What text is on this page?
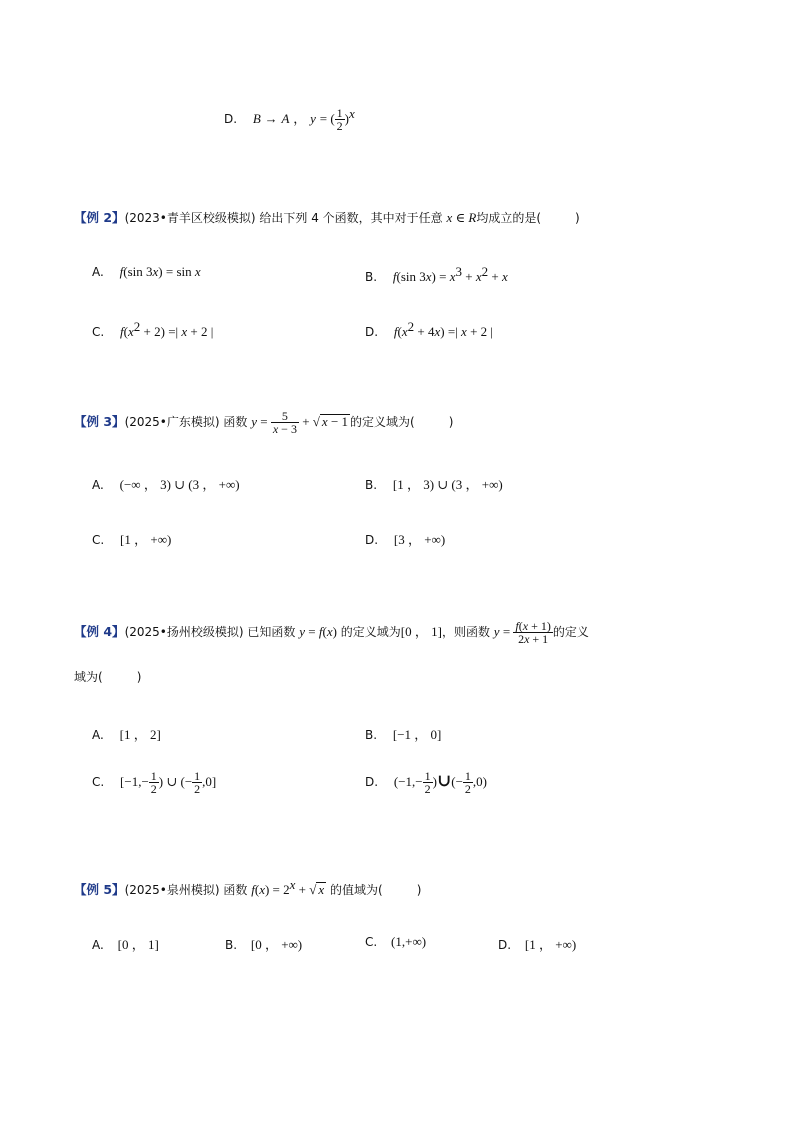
D. B → A ， y = ( $\frac{1}{2} )^x$
【例 2】(2023•青羊区校级模拟) 给出下列 4 个函数，其中对于任意 x ∈ R均成立的是(	)
A. f(sin 3x) = sin x	B. f(sin $3x) = x^3 + x^2 + x$
C. $f(x^2 + 2)$ =| x + 2 |	D. $f(x^2 + 4x)$ =| x + 2 |
【例 3】(2025•广东模拟) 函数 $y = \frac{5}{x - 3}$ + √ x − 1 的定义域为(	)
A. (−∞ ， 3) ∪ (3 ， +∞)	B. [1 ， 3) ∪ (3 ， +∞)
C. [1 ， +∞)	D. [3 ， +∞)
【例 4】(2025•扬州校级模拟) 已知函数 y = f(x) 的定义域为[0 ， 1]，则函数 $y = \frac{f(x + 1)}{2x + 1}$ 的定义
域为(	)
A. [1 ， 2]	B. [−1 ， 0]
C. [$-1,- \frac{1}{2}$ ) ∪ (− $\frac{1}{2} ,0$]	D. ($-1,- \frac{1}{2}$ )∪(− $\frac{1}{2} ,0$)
【例 5】(2025•泉州模拟) 函数 $f(x) = 2^x$ + √ x 的值域为(	)
A. [0 ， 1]	B. [0 ， +∞)	C. (1,+∞)	D. [1 ， +∞)
